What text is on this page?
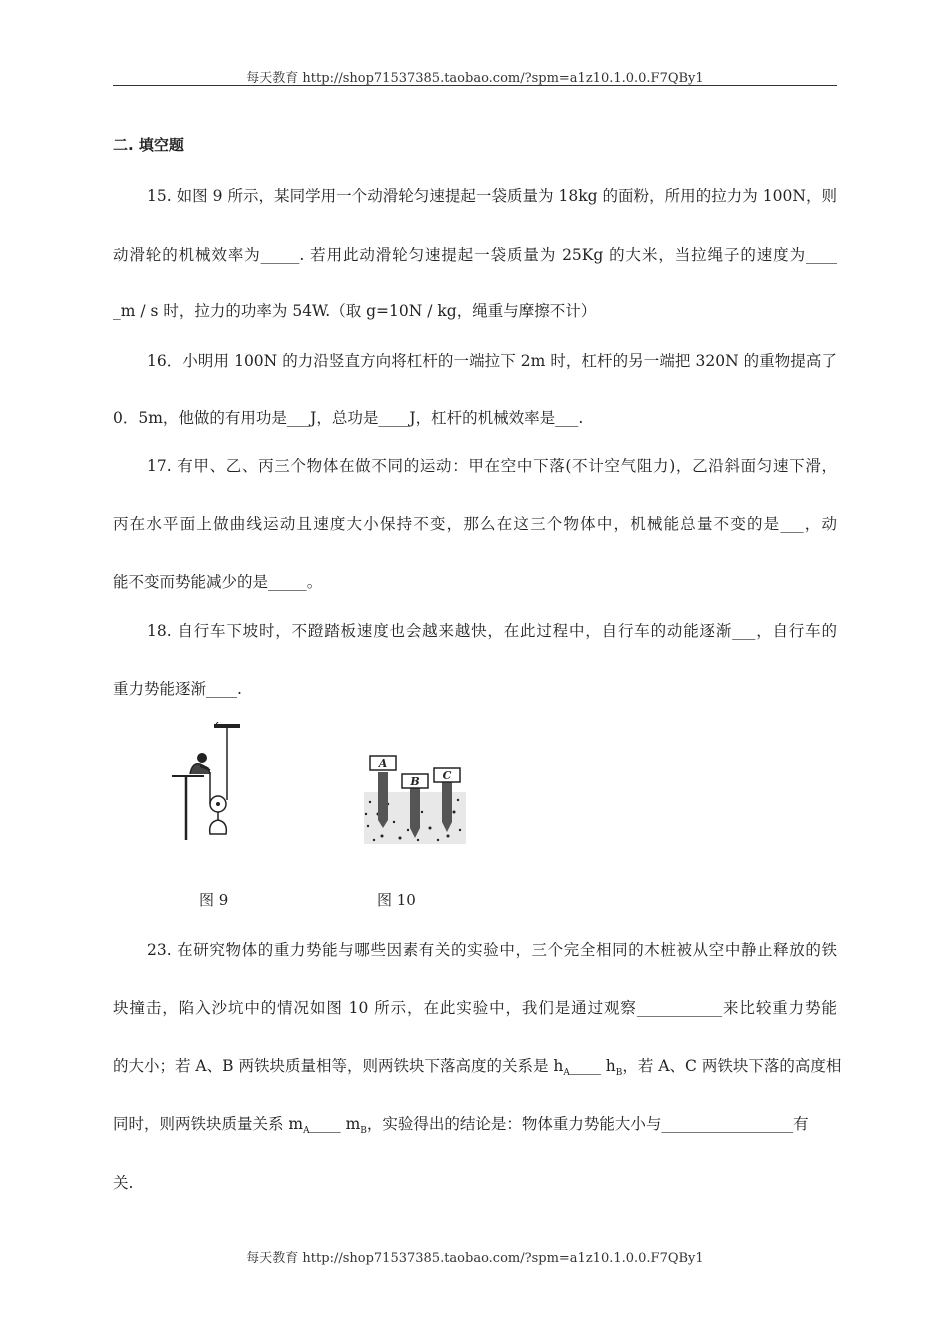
每天教育 http://shop71537385.taobao.com/?spm=a1z10.1.0.0.F7QBy1
二. 填空题
15. 如图 9 所示，某同学用一个动滑轮匀速提起一袋质量为 18kg 的面粉，所用的拉力为 100N，则
动滑轮的机械效率为_____. 若用此动滑轮匀速提起一袋质量为 25Kg 的大米，当拉绳子的速度为____
_m / s 时，拉力的功率为 54W.（取 g=10N / kg，绳重与摩擦不计）
16．小明用 100N 的力沿竖直方向将杠杆的一端拉下 2m 时，杠杆的另一端把 320N 的重物提高了
0．5m，他做的有用功是___J，总功是____J，杠杆的机械效率是___.
17. 有甲、乙、丙三个物体在做不同的运动：甲在空中下落(不计空气阻力)，乙沿斜面匀速下滑，
丙在水平面上做曲线运动且速度大小保持不变，那么在这三个物体中，机械能总量不变的是___，动
能不变而势能减少的是_____。
18. 自行车下坡时，不蹬踏板速度也会越来越快，在此过程中，自行车的动能逐渐___，自行车的
重力势能逐渐____.
A
B C
图 9	图 10
23. 在研究物体的重力势能与哪些因素有关的实验中，三个完全相同的木桩被从空中静止释放的铁
块撞击，陷入沙坑中的情况如图 10 所示，在此实验中，我们是通过观察___________来比较重力势能
的大小；若 A、B 两铁块质量相等，则两铁块下落高度的关系是 $h_A\_\_\_\_$ $h_B$，若 A、C 两铁块下落的高度相
同时，则两铁块质量关系 $m_A\_\_\_\_$ $m_B$，实验得出的结论是：物体重力势能大小与_________________有
关.
每天教育 http://shop71537385.taobao.com/?spm=a1z10.1.0.0.F7QBy1
